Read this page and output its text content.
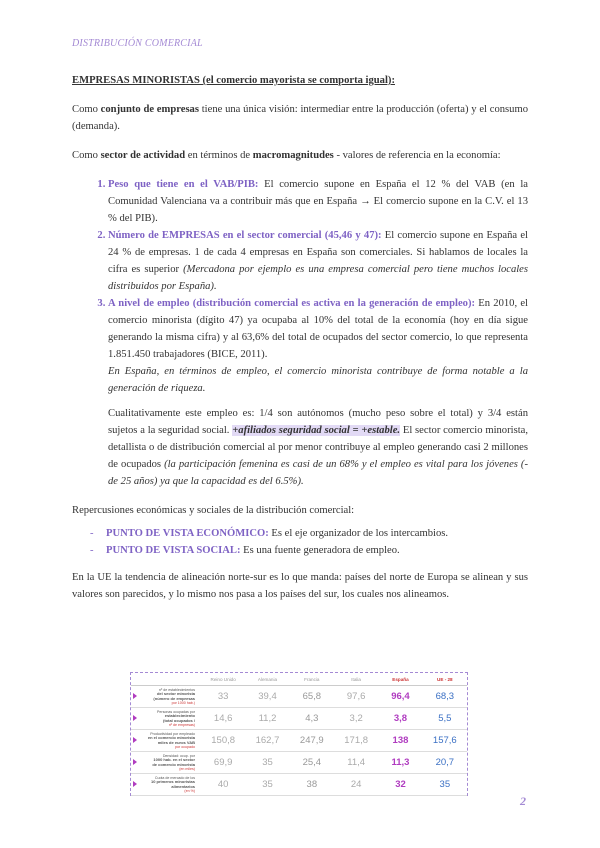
DISTRIBUCIÓN COMERCIAL

EMPRESAS MINORISTAS (el comercio mayorista se comporta igual):

Como conjunto de empresas tiene una única visión: intermediar entre la producción (oferta) y el consumo (demanda).

Como sector de actividad en términos de macromagnitudes - valores de referencia en la economía:

1. Peso que tiene en el VAB/PIB: El comercio supone en España el 12 % del VAB (en la Comunidad Valenciana va a contribuir más que en España → El comercio supone en la C.V. el 13 % del PIB).
2. Número de EMPRESAS en el sector comercial (45,46 y 47): El comercio supone en España el 24 % de empresas. 1 de cada 4 empresas en España son comerciales. Si hablamos de locales la cifra es superior (Mercadona por ejemplo es una empresa comercial pero tiene muchos locales distribuidos por España).
3. A nivel de empleo (distribución comercial es activa en la generación de empleo): En 2010, el comercio minorista (dígito 47) ya ocupaba al 10% del total de la economía (hoy en día sigue generando la misma cifra) y al 63,6% del total de ocupados del sector comercio, lo que representa 1.851.450 trabajadores (BICE, 2011).
En España, en términos de empleo, el comercio minorista contribuye de forma notable a la generación de riqueza.

Cualitativamente este empleo es: 1/4 son autónomos (mucho peso sobre el total) y 3/4 están sujetos a la seguridad social. +afiliados seguridad social = +estable. El sector comercio minorista, detallista o de distribución comercial al por menor contribuye al empleo generando casi 2 millones de ocupados (la participación femenina es casi de un 68% y el empleo es vital para los jóvenes (- de 25 años) ya que la capacidad es del 6.5%).

Repercusiones económicas y sociales de la distribución comercial:

- PUNTO DE VISTA ECONÓMICO: Es el eje organizador de los intercambios.
- PUNTO DE VISTA SOCIAL: Es una fuente generadora de empleo.

En la UE la tendencia de alineación norte-sur es lo que manda: países del norte de Europa se alinean y sus valores son parecidos, y lo mismo nos pasa a los países del sur, los cuales nos alineamos.

	Reino Unido	Alemania	Francia	Italia	España	UE - 28

nº de establecimientos
del sector minorista
(número de empresas
por 1000 hab.)	33	39,4	65,8	97,6	96,4	68,3

Personas ocupadas por
establecimiento
(total ocupados /
nº de empresas)	14,6	11,2	4,3	3,2	3,8	5,5

Productividad por empleado
en el comercio minorista
miles de euros VAB
por ocupado	150,8	162,7	247,9	171,8	138	157,6

Densidad: ocup. por
1000 hab. en el sector
de comercio minorista
(en miles)	69,9	35	25,4	11,4	11,3	20,7

Cuota de mercado de los
10 primeros minoristas
alimentarios
(en %)	40	35	38	24	32	35
2
